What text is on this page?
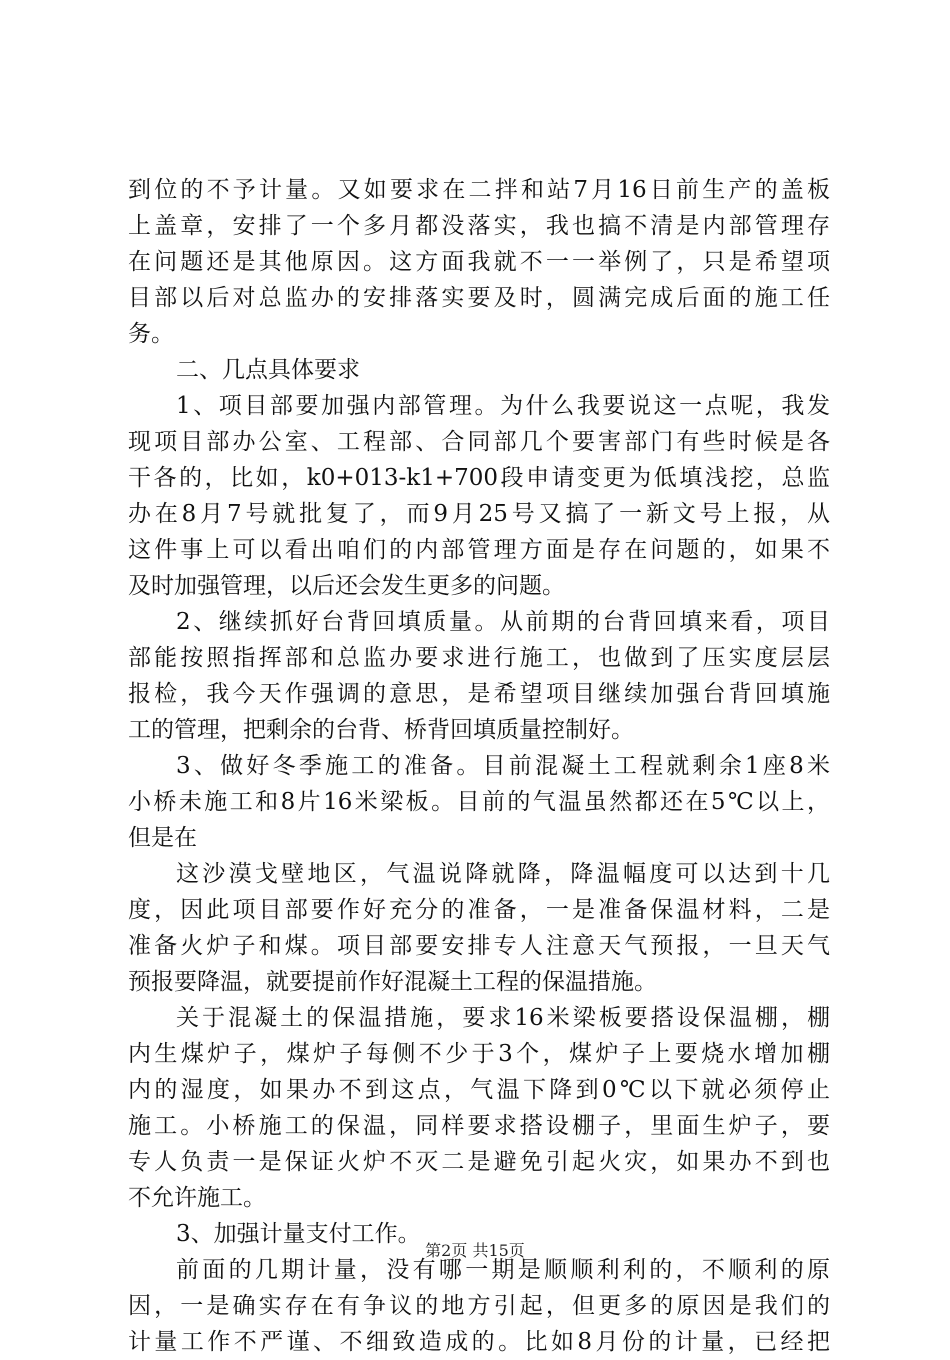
到位的不予计量。又如要求在二拌和站7月16日前生产的盖板
上盖章，安排了一个多月都没落实，我也搞不清是内部管理存
在问题还是其他原因。这方面我就不一一举例了，只是希望项
目部以后对总监办的安排落实要及时，圆满完成后面的施工任
务。
二、几点具体要求
1、项目部要加强内部管理。为什么我要说这一点呢，我发
现项目部办公室、工程部、合同部几个要害部门有些时候是各
干各的，比如，k0+013-k1+700段申请变更为低填浅挖，总监
办在8月7号就批复了，而9月25号又搞了一新文号上报，从
这件事上可以看出咱们的内部管理方面是存在问题的，如果不
及时加强管理，以后还会发生更多的问题。
2、继续抓好台背回填质量。从前期的台背回填来看，项目
部能按照指挥部和总监办要求进行施工，也做到了压实度层层
报检，我今天作强调的意思，是希望项目继续加强台背回填施
工的管理，把剩余的台背、桥背回填质量控制好。
3、做好冬季施工的准备。目前混凝土工程就剩余1座8米
小桥未施工和8片16米梁板。目前的气温虽然都还在5℃以上，
但是在
这沙漠戈壁地区，气温说降就降，降温幅度可以达到十几
度，因此项目部要作好充分的准备，一是准备保温材料，二是
准备火炉子和煤。项目部要安排专人注意天气预报，一旦天气
预报要降温，就要提前作好混凝土工程的保温措施。
关于混凝土的保温措施，要求16米梁板要搭设保温棚，棚
内生煤炉子，煤炉子每侧不少于3个，煤炉子上要烧水增加棚
内的湿度，如果办不到这点，气温下降到0℃以下就必须停止
施工。小桥施工的保温，同样要求搭设棚子，里面生炉子，要
专人负责一是保证火炉不灭二是避免引起火灾，如果办不到也
不允许施工。
3、加强计量支付工作。
前面的几期计量，没有哪一期是顺顺利利的，不顺利的原
因，一是确实存在有争议的地方引起，但更多的原因是我们的
计量工作不严谨、不细致造成的。比如8月份的计量，已经把
第2页 共15页
